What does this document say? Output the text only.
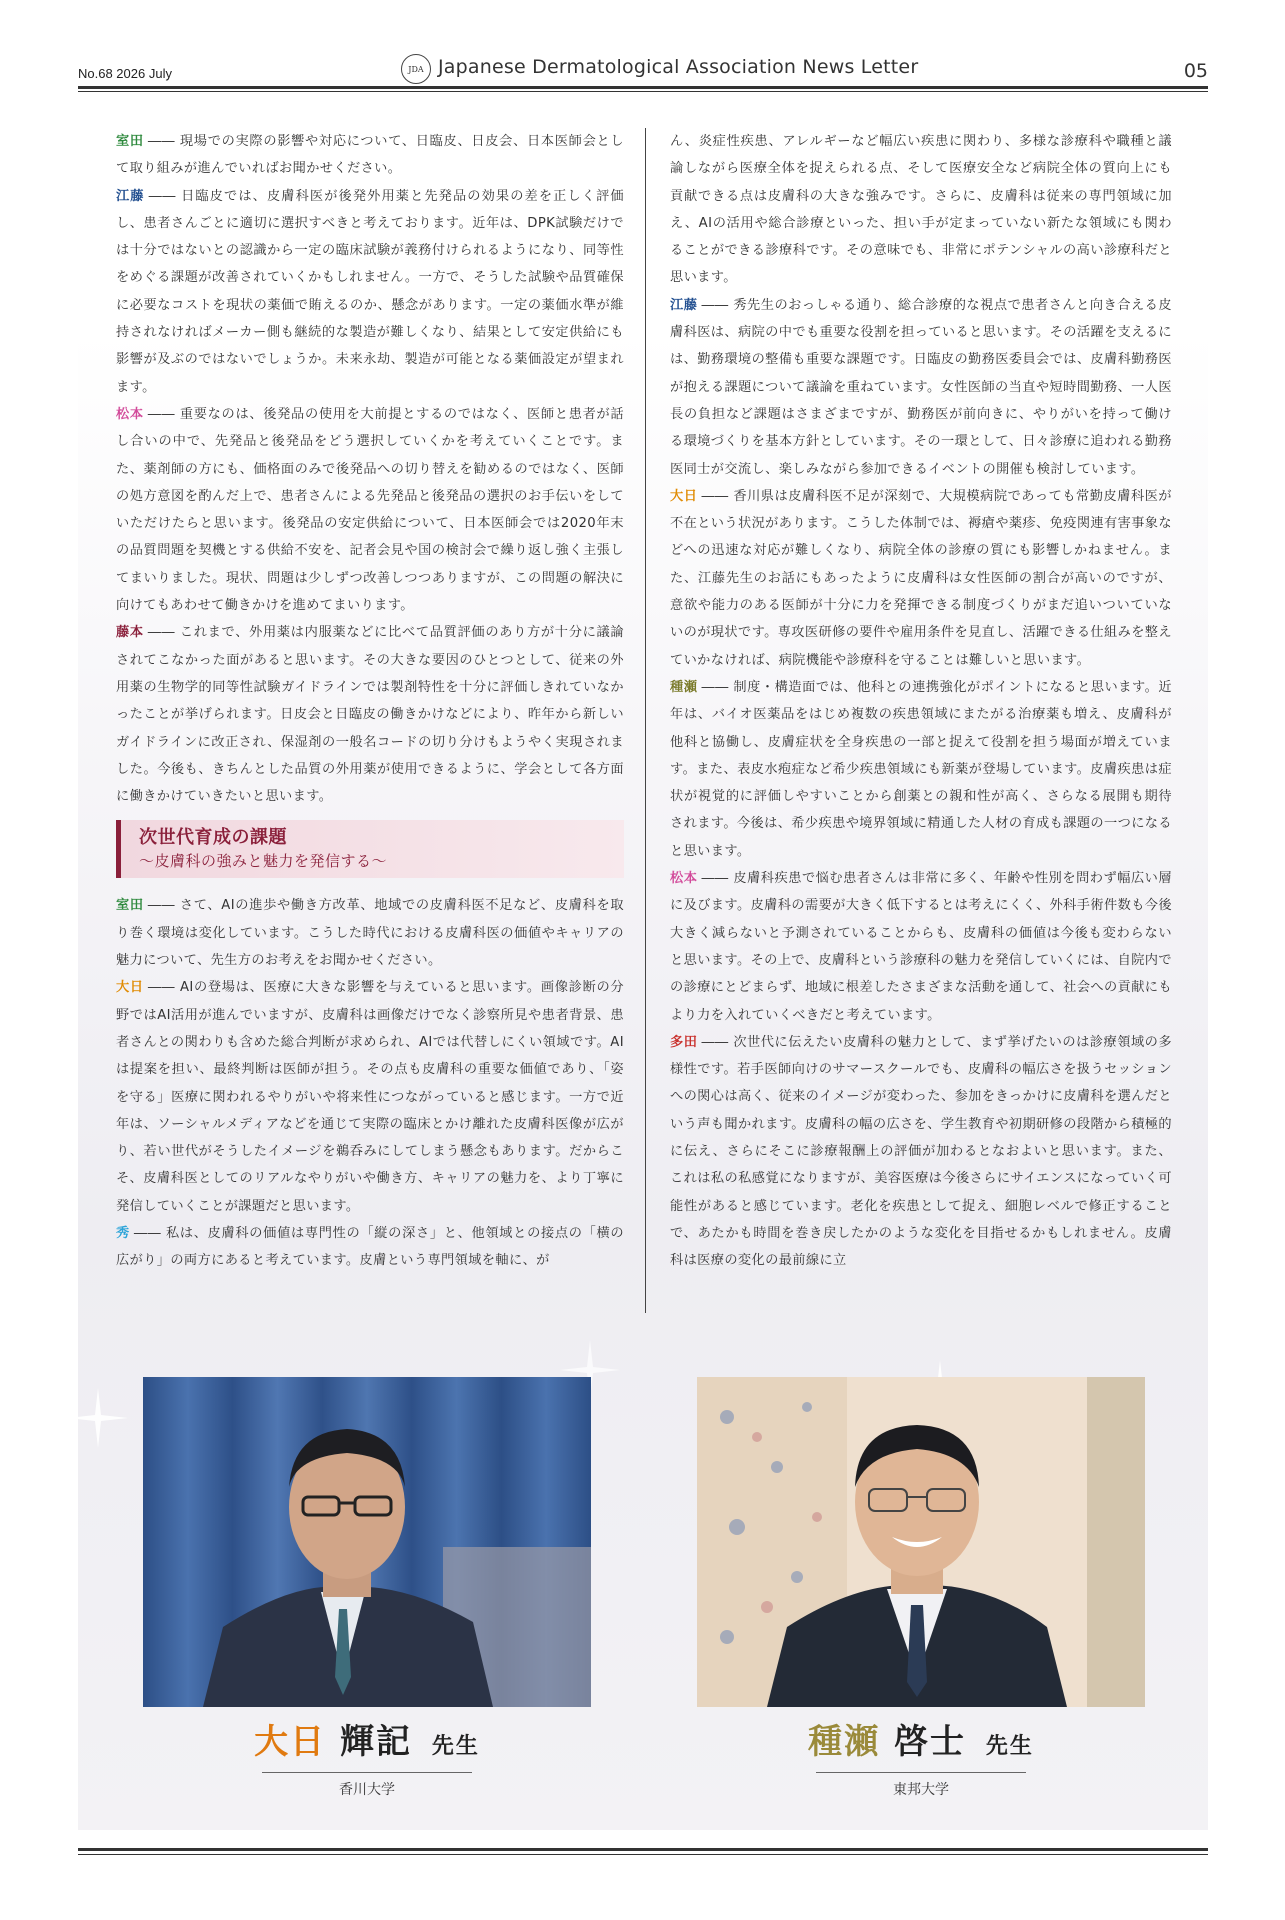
No.68 2026 July	JDA Japanese Dermatological Association News Letter	05

室田 ―― 現場での実際の影響や対応について、日臨皮、日皮会、日本医師会として取り組みが進んでいればお聞かせください。

江藤 ―― 日臨皮では、皮膚科医が後発外用薬と先発品の効果の差を正しく評価し、患者さんごとに適切に選択すべきと考えております。近年は、DPK試験だけでは十分ではないとの認識から一定の臨床試験が義務付けられるようになり、同等性をめぐる課題が改善されていくかもしれません。一方で、そうした試験や品質確保に必要なコストを現状の薬価で賄えるのか、懸念があります。一定の薬価水準が維持されなければメーカー側も継続的な製造が難しくなり、結果として安定供給にも影響が及ぶのではないでしょうか。未来永劫、製造が可能となる薬価設定が望まれます。

松本 ―― 重要なのは、後発品の使用を大前提とするのではなく、医師と患者が話し合いの中で、先発品と後発品をどう選択していくかを考えていくことです。また、薬剤師の方にも、価格面のみで後発品への切り替えを勧めるのではなく、医師の処方意図を酌んだ上で、患者さんによる先発品と後発品の選択のお手伝いをしていただけたらと思います。後発品の安定供給について、日本医師会では2020年末の品質問題を契機とする供給不安を、記者会見や国の検討会で繰り返し強く主張してまいりました。現状、問題は少しずつ改善しつつありますが、この問題の解決に向けてもあわせて働きかけを進めてまいります。

藤本 ―― これまで、外用薬は内服薬などに比べて品質評価のあり方が十分に議論されてこなかった面があると思います。その大きな要因のひとつとして、従来の外用薬の生物学的同等性試験ガイドラインでは製剤特性を十分に評価しきれていなかったことが挙げられます。日皮会と日臨皮の働きかけなどにより、昨年から新しいガイドラインに改正され、保湿剤の一般名コードの切り分けもようやく実現されました。今後も、きちんとした品質の外用薬が使用できるように、学会として各方面に働きかけていきたいと思います。

次世代育成の課題
～皮膚科の強みと魅力を発信する～

室田 ―― さて、AIの進歩や働き方改革、地域での皮膚科医不足など、皮膚科を取り巻く環境は変化しています。こうした時代における皮膚科医の価値やキャリアの魅力について、先生方のお考えをお聞かせください。

大日 ―― AIの登場は、医療に大きな影響を与えていると思います。画像診断の分野ではAI活用が進んでいますが、皮膚科は画像だけでなく診察所見や患者背景、患者さんとの関わりも含めた総合判断が求められ、AIでは代替しにくい領域です。AIは提案を担い、最終判断は医師が担う。その点も皮膚科の重要な価値であり、「姿を守る」医療に関われるやりがいや将来性につながっていると感じます。一方で近年は、ソーシャルメディアなどを通じて実際の臨床とかけ離れた皮膚科医像が広がり、若い世代がそうしたイメージを鵜呑みにしてしまう懸念もあります。だからこそ、皮膚科医としてのリアルなやりがいや働き方、キャリアの魅力を、より丁寧に発信していくことが課題だと思います。

秀 ―― 私は、皮膚科の価値は専門性の「縦の深さ」と、他領域との接点の「横の広がり」の両方にあると考えています。皮膚という専門領域を軸に、が

ん、炎症性疾患、アレルギーなど幅広い疾患に関わり、多様な診療科や職種と議論しながら医療全体を捉えられる点、そして医療安全など病院全体の質向上にも貢献できる点は皮膚科の大きな強みです。さらに、皮膚科は従来の専門領域に加え、AIの活用や総合診療といった、担い手が定まっていない新たな領域にも関わることができる診療科です。その意味でも、非常にポテンシャルの高い診療科だと思います。

江藤 ―― 秀先生のおっしゃる通り、総合診療的な視点で患者さんと向き合える皮膚科医は、病院の中でも重要な役割を担っていると思います。その活躍を支えるには、勤務環境の整備も重要な課題です。日臨皮の勤務医委員会では、皮膚科勤務医が抱える課題について議論を重ねています。女性医師の当直や短時間勤務、一人医長の負担など課題はさまざまですが、勤務医が前向きに、やりがいを持って働ける環境づくりを基本方針としています。その一環として、日々診療に追われる勤務医同士が交流し、楽しみながら参加できるイベントの開催も検討しています。

大日 ―― 香川県は皮膚科医不足が深刻で、大規模病院であっても常勤皮膚科医が不在という状況があります。こうした体制では、褥瘡や薬疹、免疫関連有害事象などへの迅速な対応が難しくなり、病院全体の診療の質にも影響しかねません。また、江藤先生のお話にもあったように皮膚科は女性医師の割合が高いのですが、意欲や能力のある医師が十分に力を発揮できる制度づくりがまだ追いついていないのが現状です。専攻医研修の要件や雇用条件を見直し、活躍できる仕組みを整えていかなければ、病院機能や診療科を守ることは難しいと思います。

種瀬 ―― 制度・構造面では、他科との連携強化がポイントになると思います。近年は、バイオ医薬品をはじめ複数の疾患領域にまたがる治療薬も増え、皮膚科が他科と協働し、皮膚症状を全身疾患の一部と捉えて役割を担う場面が増えています。また、表皮水疱症など希少疾患領域にも新薬が登場しています。皮膚疾患は症状が視覚的に評価しやすいことから創薬との親和性が高く、さらなる展開も期待されます。今後は、希少疾患や境界領域に精通した人材の育成も課題の一つになると思います。

松本 ―― 皮膚科疾患で悩む患者さんは非常に多く、年齢や性別を問わず幅広い層に及びます。皮膚科の需要が大きく低下するとは考えにくく、外科手術件数も今後大きく減らないと予測されていることからも、皮膚科の価値は今後も変わらないと思います。その上で、皮膚科という診療科の魅力を発信していくには、自院内での診療にとどまらず、地域に根差したさまざまな活動を通して、社会への貢献にもより力を入れていくべきだと考えています。

多田 ―― 次世代に伝えたい皮膚科の魅力として、まず挙げたいのは診療領域の多様性です。若手医師向けのサマースクールでも、皮膚科の幅広さを扱うセッションへの関心は高く、従来のイメージが変わった、参加をきっかけに皮膚科を選んだという声も聞かれます。皮膚科の幅の広さを、学生教育や初期研修の段階から積極的に伝え、さらにそこに診療報酬上の評価が加わるとなおよいと思います。また、これは私の私感覚になりますが、美容医療は今後さらにサイエンスになっていく可能性があると感じています。老化を疾患として捉え、細胞レベルで修正することで、あたかも時間を巻き戻したかのような変化を目指せるかもしれません。皮膚科は医療の変化の最前線に立

大日 輝記 先生
香川大学
種瀬 啓士 先生
東邦大学
